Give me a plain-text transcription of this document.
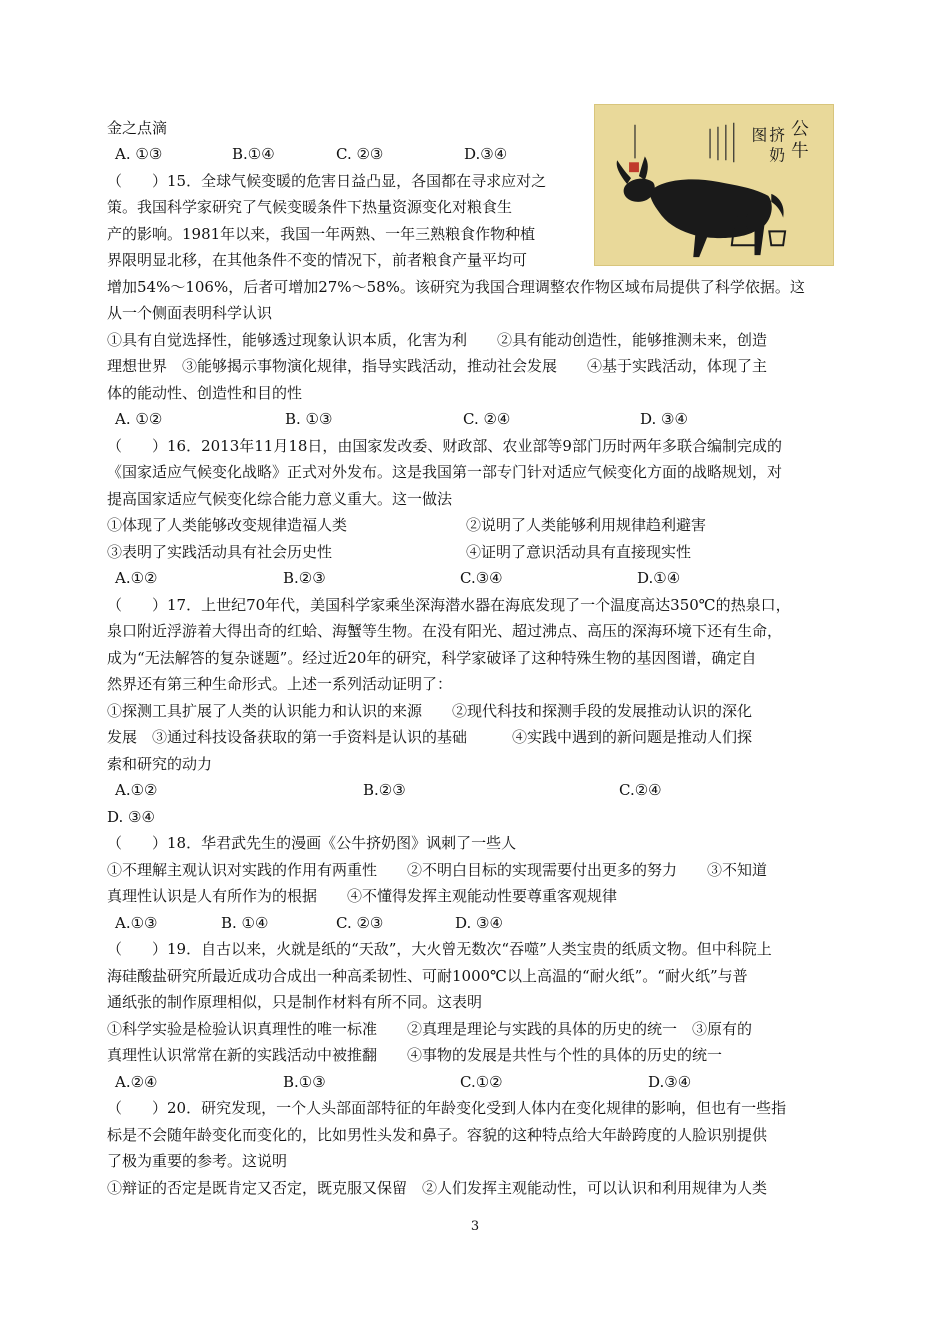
公
牛
挤
奶
图
金之点滴
A. ①③	B.①④	C. ②③	D.③④
（　　）15．全球气候变暖的危害日益凸显，各国都在寻求应对之
策。我国科学家研究了气候变暖条件下热量资源变化对粮食生
产的影响。1981年以来，我国一年两熟、一年三熟粮食作物种植
界限明显北移，在其他条件不变的情况下，前者粮食产量平均可
增加54%～106%，后者可增加27%～58%。该研究为我国合理调整农作物区域布局提供了科学依据。这
从一个侧面表明科学认识
①具有自觉选择性，能够透过现象认识本质，化害为利　　②具有能动创造性，能够推测未来，创造
理想世界　③能够揭示事物演化规律，指导实践活动，推动社会发展　　④基于实践活动，体现了主
体的能动性、创造性和目的性
A. ①②	B. ①③	C. ②④	D. ③④
（　　）16．2013年11月18日，由国家发改委、财政部、农业部等9部门历时两年多联合编制完成的
《国家适应气候变化战略》正式对外发布。这是我国第一部专门针对适应气候变化方面的战略规划，对
提高国家适应气候变化综合能力意义重大。这一做法
①体现了人类能够改变规律造福人类	②说明了人类能够利用规律趋利避害
③表明了实践活动具有社会历史性	④证明了意识活动具有直接现实性
A.①②	B.②③	C.③④	D.①④
（　　）17．上世纪70年代，美国科学家乘坐深海潜水器在海底发现了一个温度高达350℃的热泉口，
泉口附近浮游着大得出奇的红蛤、海蟹等生物。在没有阳光、超过沸点、高压的深海环境下还有生命，
成为“无法解答的复杂谜题”。经过近20年的研究，科学家破译了这种特殊生物的基因图谱，确定自
然界还有第三种生命形式。上述一系列活动证明了：
①探测工具扩展了人类的认识能力和认识的来源　　②现代科技和探测手段的发展推动认识的深化
发展　③通过科技设备获取的第一手资料是认识的基础　　　④实践中遇到的新问题是推动人们探
索和研究的动力
A.①②	B.②③	C.②④
D. ③④
（　　）18．华君武先生的漫画《公牛挤奶图》讽刺了一些人
①不理解主观认识对实践的作用有两重性　　②不明白目标的实现需要付出更多的努力　　③不知道
真理性认识是人有所作为的根据　　④不懂得发挥主观能动性要尊重客观规律
A.①③	B. ①④	C. ②③	D. ③④
（　　）19．自古以来，火就是纸的“天敌”，大火曾无数次“吞噬”人类宝贵的纸质文物。但中科院上
海硅酸盐研究所最近成功合成出一种高柔韧性、可耐1000℃以上高温的“耐火纸”。“耐火纸”与普
通纸张的制作原理相似，只是制作材料有所不同。这表明
①科学实验是检验认识真理性的唯一标准　　②真理是理论与实践的具体的历史的统一　③原有的
真理性认识常常在新的实践活动中被推翻　　④事物的发展是共性与个性的具体的历史的统一
A.②④	B.①③	C.①②	D.③④
（　　）20．研究发现，一个人头部面部特征的年龄变化受到人体内在变化规律的影响，但也有一些指
标是不会随年龄变化而变化的，比如男性头发和鼻子。容貌的这种特点给大年龄跨度的人脸识别提供
了极为重要的参考。这说明
①辩证的否定是既肯定又否定，既克服又保留　②人们发挥主观能动性，可以认识和利用规律为人类
3
